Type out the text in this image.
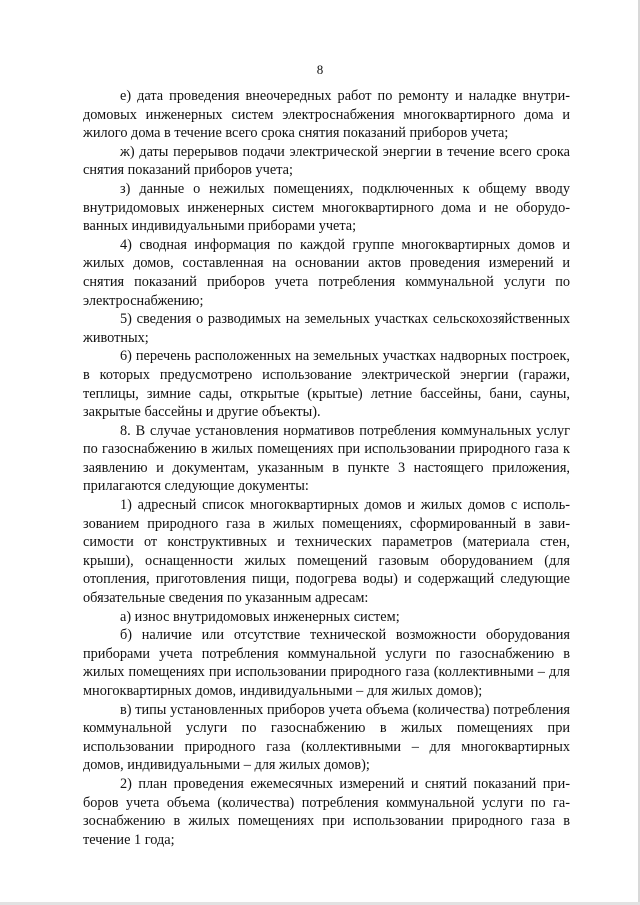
8

е) дата проведения внеочередных работ по ремонту и наладке внутридомовых инженерных систем электроснабжения многоквартирного дома и жилого дома в течение всего срока снятия показаний приборов учета;

ж) даты перерывов подачи электрической энергии в течение всего срока снятия показаний приборов учета;

з) данные о нежилых помещениях, подключенных к общему вводу внутридомовых инженерных систем многоквартирного дома и не оборудованных индивидуальными приборами учета;

4) сводная информация по каждой группе многоквартирных домов и жилых домов, составленная на основании актов проведения измерений и снятия показаний приборов учета потребления коммунальной услуги по электроснабжению;

5) сведения о разводимых на земельных участках сельскохозяйственных животных;

6) перечень расположенных на земельных участках надворных построек, в которых предусмотрено использование электрической энергии (гаражи, теплицы, зимние сады, открытые (крытые) летние бассейны, бани, сауны, закрытые бассейны и другие объекты).

8. В случае установления нормативов потребления коммунальных услуг по газоснабжению в жилых помещениях при использовании природного газа к заявлению и документам, указанным в пункте 3 настоящего приложения, прилагаются следующие документы:

1) адресный список многоквартирных домов и жилых домов с использованием природного газа в жилых помещениях, сформированный в зависимости от конструктивных и технических параметров (материала стен, крыши), оснащенности жилых помещений газовым оборудованием (для отопления, приготовления пищи, подогрева воды) и содержащий следующие обязательные сведения по указанным адресам:

а) износ внутридомовых инженерных систем;

б) наличие или отсутствие технической возможности оборудования приборами учета потребления коммунальной услуги по газоснабжению в жилых помещениях при использовании природного газа (коллективными – для многоквартирных домов, индивидуальными – для жилых домов);

в) типы установленных приборов учета объема (количества) потребления коммунальной услуги по газоснабжению в жилых помещениях при использовании природного газа (коллективными – для многоквартирных домов, индивидуальными – для жилых домов);

2) план проведения ежемесячных измерений и снятий показаний приборов учета объема (количества) потребления коммунальной услуги по газоснабжению в жилых помещениях при использовании природного газа в течение 1 года;
